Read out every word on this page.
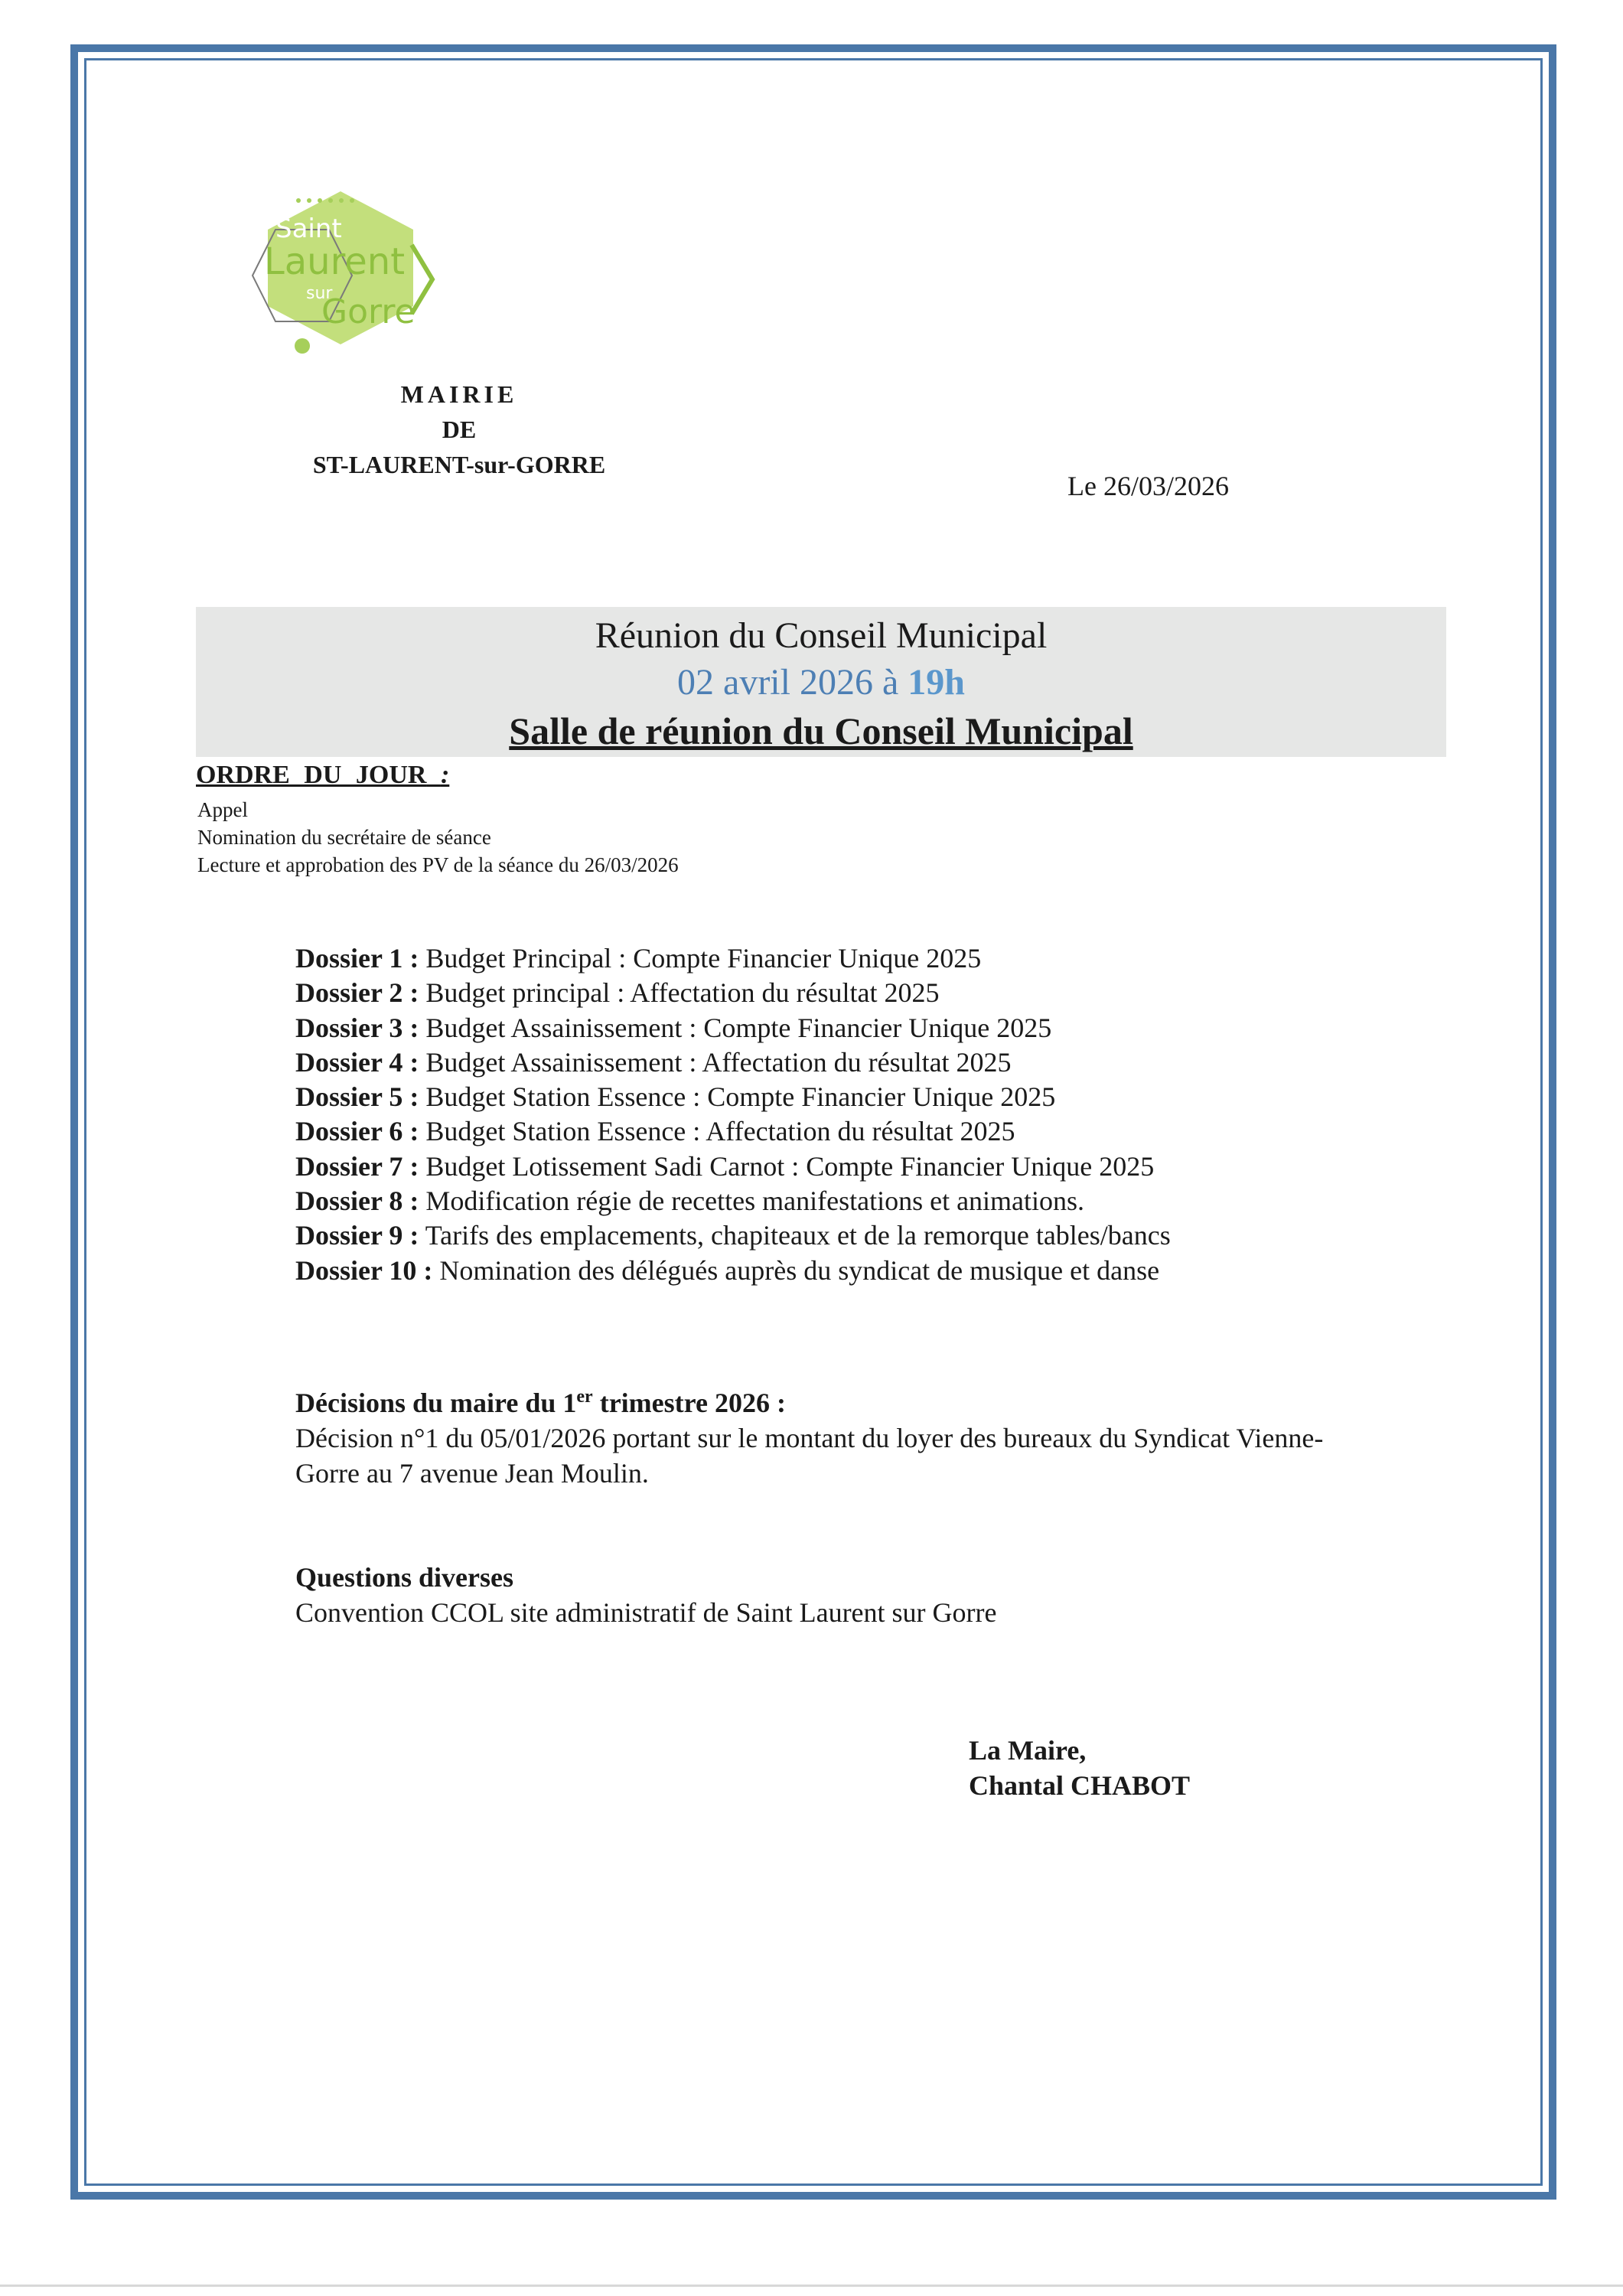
Saint
Laurent
sur
Gorre
MAIRIE
DE
ST-LAURENT-sur-GORRE
Le 26/03/2026
Réunion du Conseil Municipal
02 avril 2026 à 19h
Salle de réunion du Conseil Municipal
ORDRE DU JOUR :
Appel
Nomination du secrétaire de séance
Lecture et approbation des PV de la séance du 26/03/2026
Dossier 1 : Budget Principal : Compte Financier Unique 2025
Dossier 2 : Budget principal : Affectation du résultat 2025
Dossier 3 : Budget Assainissement : Compte Financier Unique 2025
Dossier 4 : Budget Assainissement : Affectation du résultat 2025
Dossier 5 : Budget Station Essence : Compte Financier Unique 2025
Dossier 6 : Budget Station Essence : Affectation du résultat 2025
Dossier 7 : Budget Lotissement Sadi Carnot : Compte Financier Unique 2025
Dossier 8 : Modification régie de recettes manifestations et animations.
Dossier 9 : Tarifs des emplacements, chapiteaux et de la remorque tables/bancs
Dossier 10 : Nomination des délégués auprès du syndicat de musique et danse
Décisions du maire du 1er trimestre 2026 :
Décision n°1 du 05/01/2026 portant sur le montant du loyer des bureaux du Syndicat Vienne-
Gorre au 7 avenue Jean Moulin.
Questions diverses
Convention CCOL site administratif de Saint Laurent sur Gorre
La Maire,
Chantal CHABOT
